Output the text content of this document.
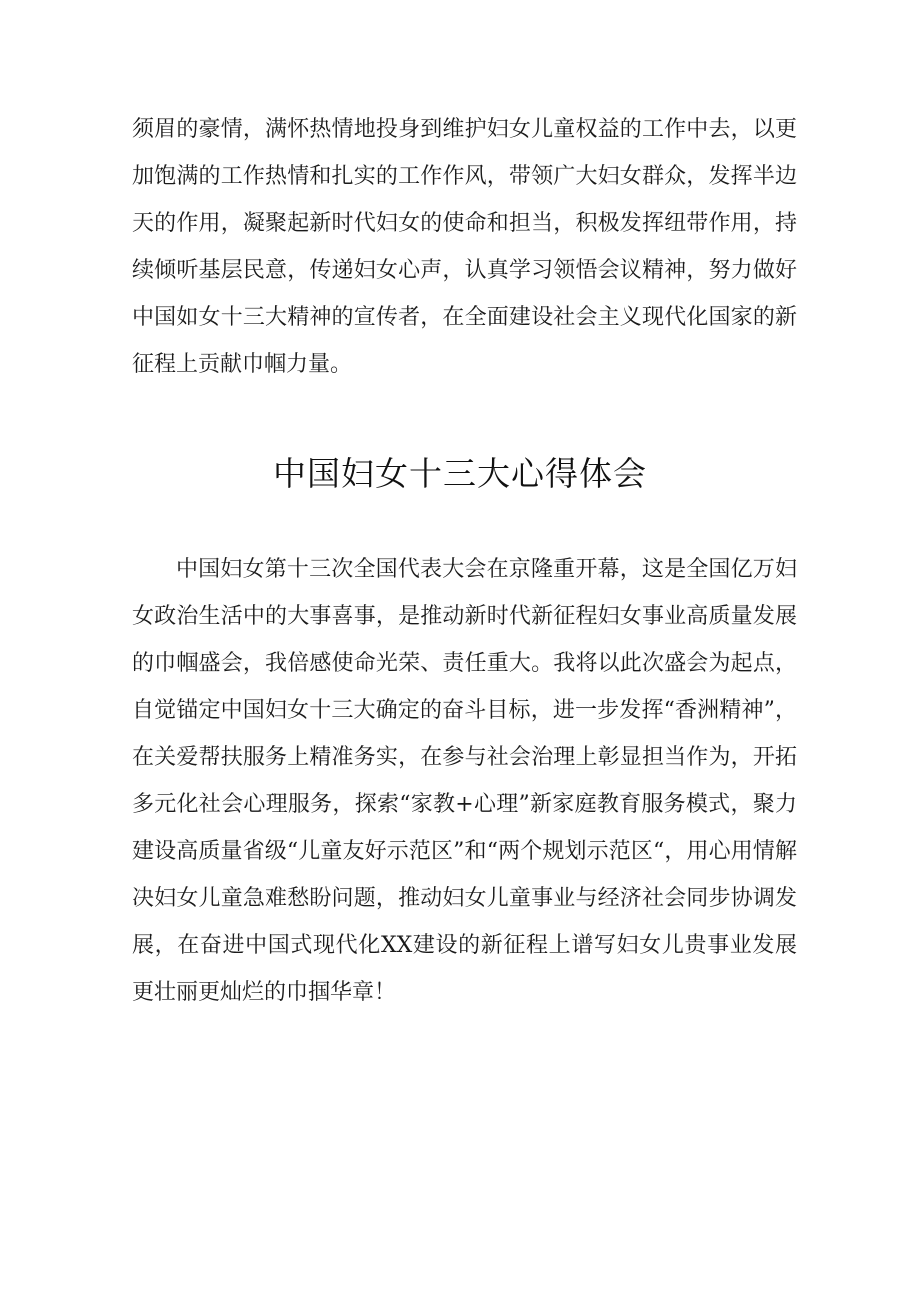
须眉的豪情，满怀热情地投身到维护妇女儿童权益的工作中去，以更加饱满的工作热情和扎实的工作作风，带领广大妇女群众，发挥半边天的作用，凝聚起新时代妇女的使命和担当，积极发挥纽带作用，持续倾听基层民意，传递妇女心声，认真学习领悟会议精神，努力做好中国如女十三大精神的宣传者，在全面建设社会主义现代化国家的新征程上贡献巾帼力量。

中国妇女十三大心得体会

中国妇女第十三次全国代表大会在京隆重开幕，这是全国亿万妇女政治生活中的大事喜事，是推动新时代新征程妇女事业高质量发展的巾帼盛会，我倍感使命光荣、责任重大。我将以此次盛会为起点，自觉锚定中国妇女十三大确定的奋斗目标，进一步发挥“香洲精神”，在关爱帮扶服务上精准务实，在参与社会治理上彰显担当作为，开拓多元化社会心理服务，探索“家教+心理”新家庭教育服务模式，聚力建设高质量省级“儿童友好示范区”和“两个规划示范区“，用心用情解决妇女儿童急难愁盼问题，推动妇女儿童事业与经济社会同步协调发展，在奋进中国式现代化XX建设的新征程上谱写妇女儿贵事业发展更壮丽更灿烂的巾掴华章！
